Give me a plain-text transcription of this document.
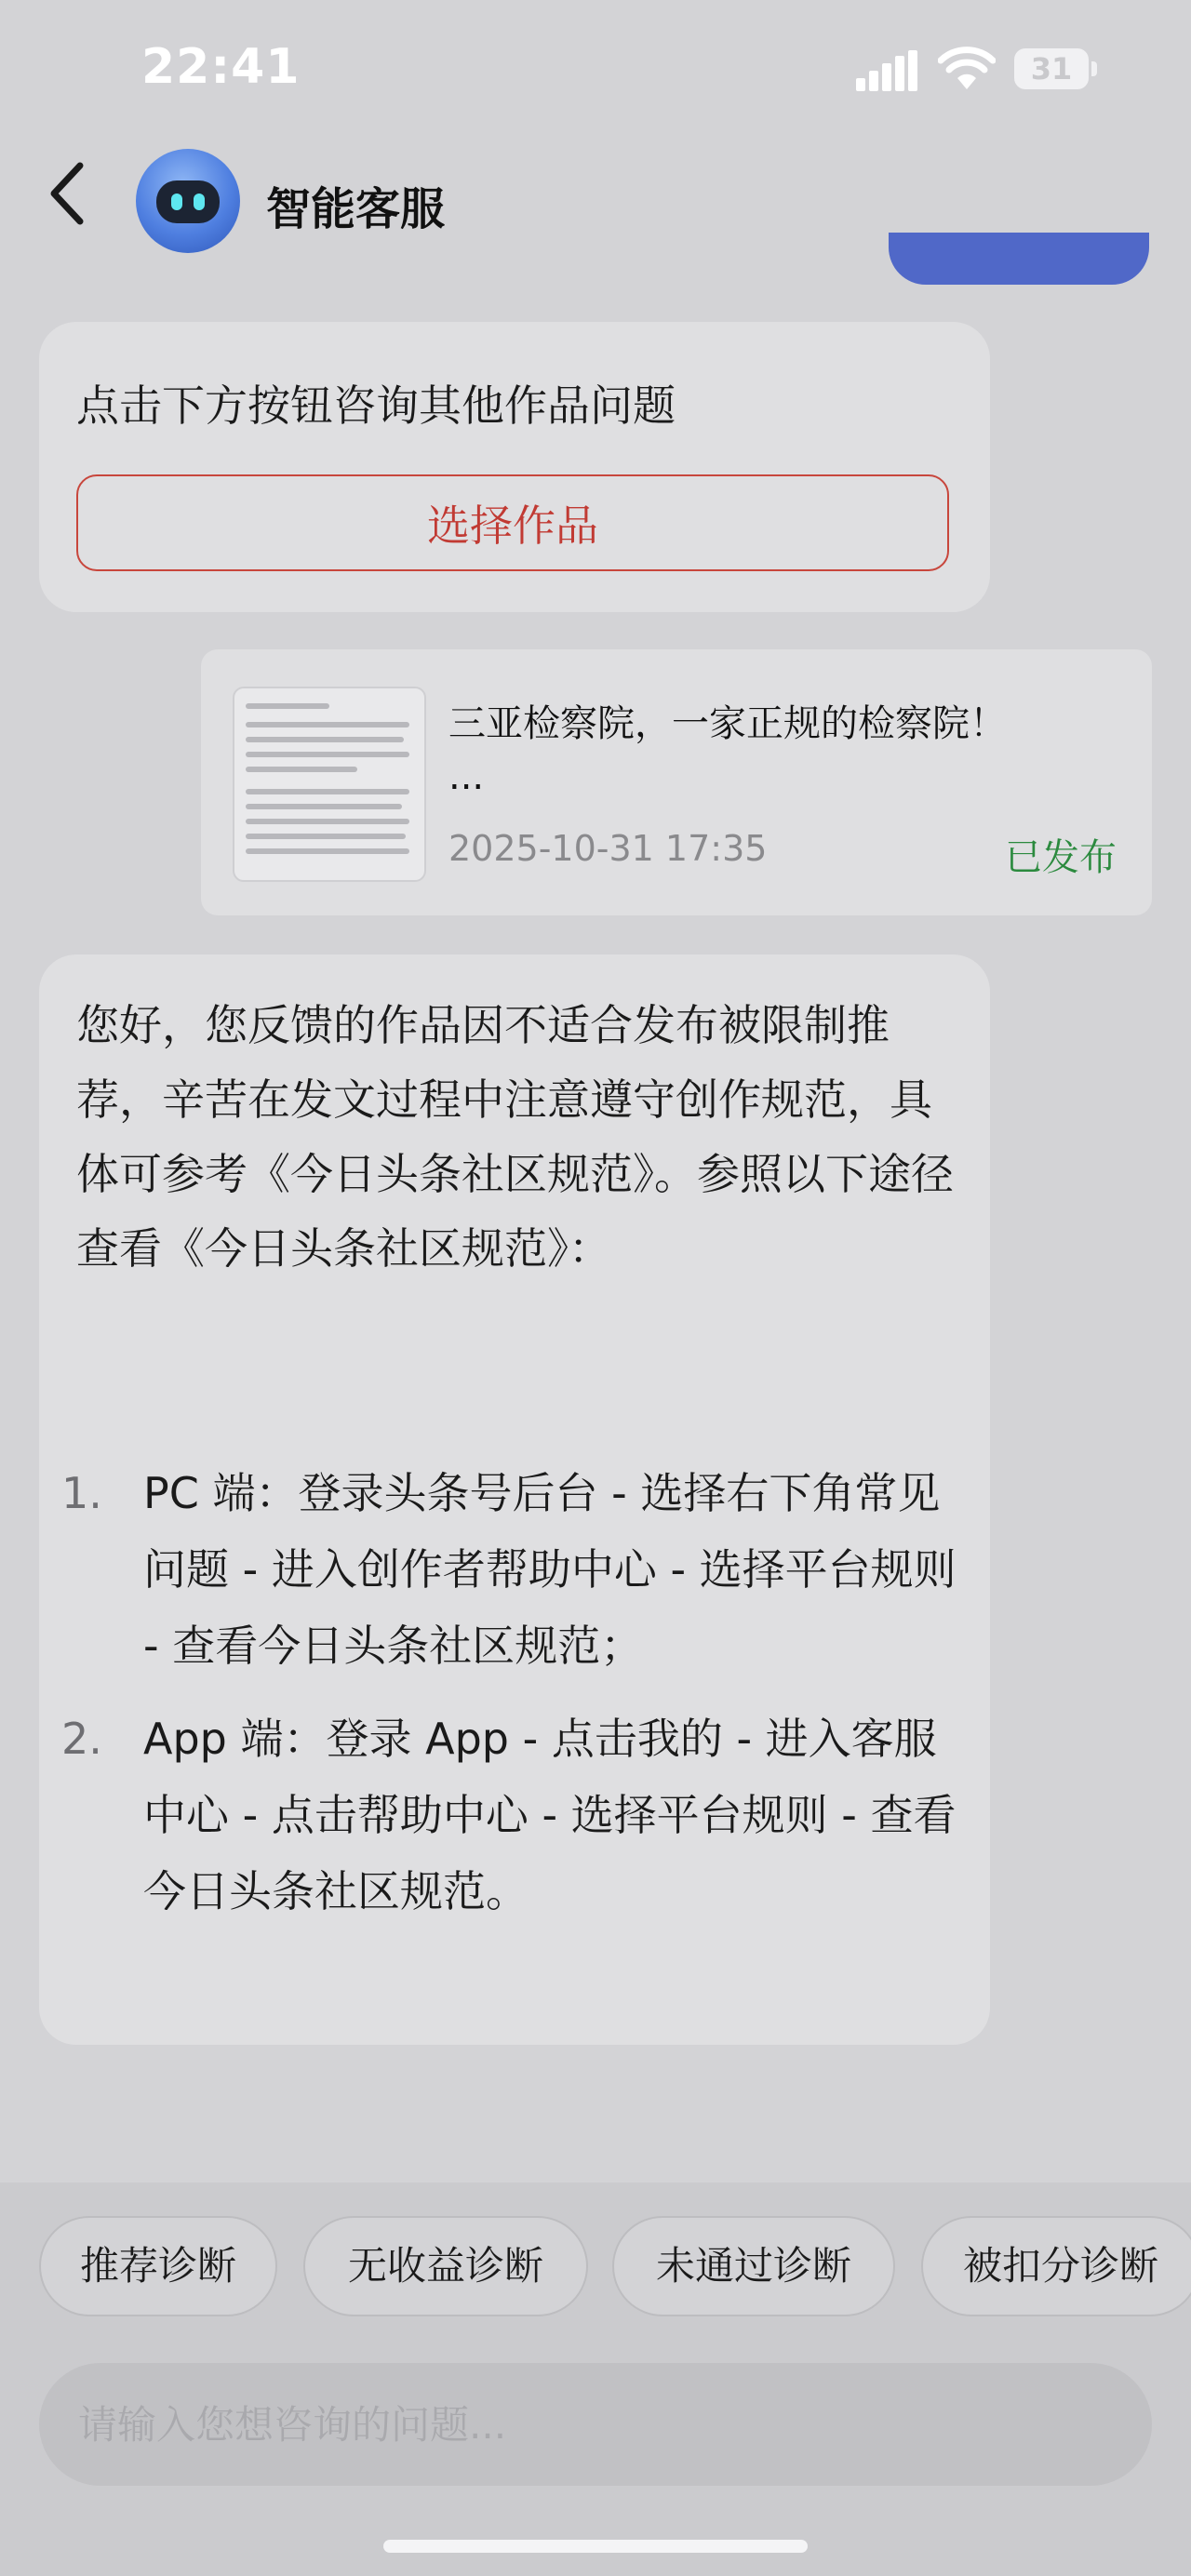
22:41	31
智能客服
点击下方按钮咨询其他作品问题
选择作品
三亚检察院，一家正规的检察院！
...
2025-10-31 17:35	已发布
您好，您反馈的作品因不适合发布被限制推荐，辛苦在发文过程中注意遵守创作规范，具体可参考《今日头条社区规范》。参照以下途径查看《今日头条社区规范》：
1. PC 端：登录头条号后台 - 选择右下角常见问题 - 进入创作者帮助中心 - 选择平台规则 - 查看今日头条社区规范；
2. App 端：登录 App - 点击我的 - 进入客服中心 - 点击帮助中心 - 选择平台规则 - 查看今日头条社区规范。
推荐诊断	无收益诊断	未通过诊断	被扣分诊断
请输入您想咨询的问题...
